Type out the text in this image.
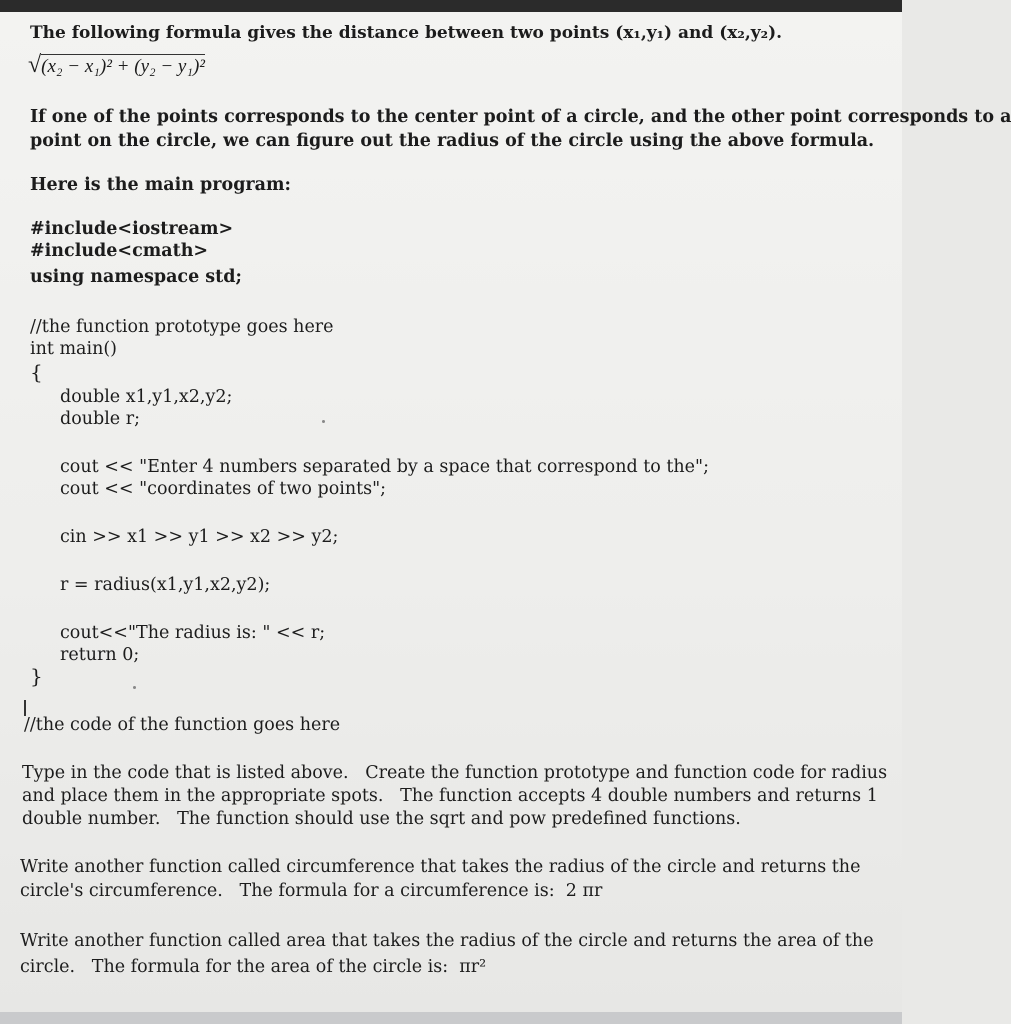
The following formula gives the distance between two points (x₁,y₁) and (x₂,y₂).
√(x₂ − x₁)² + (y₂ − y₁)²
If one of the points corresponds to the center point of a circle, and the other point corresponds to a
point on the circle, we can figure out the radius of the circle using the above formula.
Here is the main program:
#include<iostream>
#include<cmath>
using namespace std;
//the function prototype goes here
int main()
{
double x1,y1,x2,y2;
double r;
cout << "Enter 4 numbers separated by a space that correspond to the";
cout << "coordinates of two points";
cin >> x1 >> y1 >> x2 >> y2;
r = radius(x1,y1,x2,y2);
cout<<"The radius is: " << r;
return 0;
}
//the code of the function goes here
Type in the code that is listed above.   Create the function prototype and function code for radius
and place them in the appropriate spots.   The function accepts 4 double numbers and returns 1
double number.   The function should use the sqrt and pow predefined functions.
Write another function called circumference that takes the radius of the circle and returns the
circle's circumference.   The formula for a circumference is:  2 πr
Write another function called area that takes the radius of the circle and returns the area of the
circle.   The formula for the area of the circle is:  πr²
